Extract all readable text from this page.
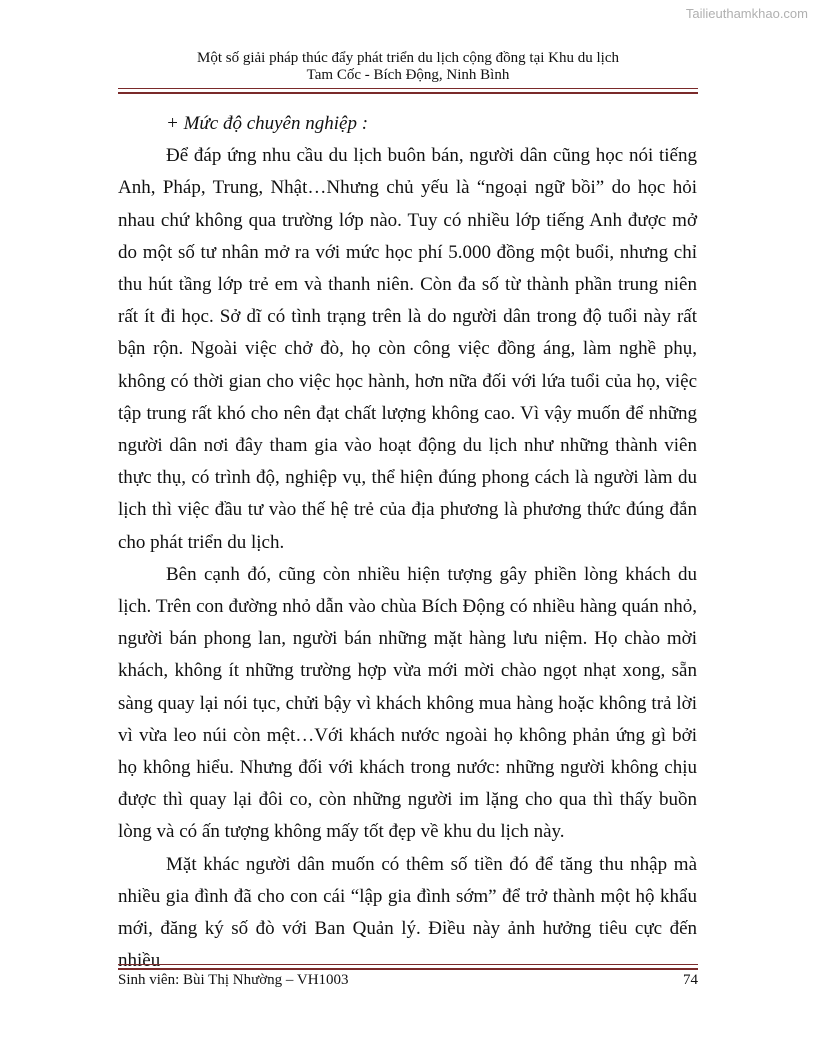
Tailieuthamkhao.com
Một số giải pháp thúc đẩy phát triển du lịch cộng đồng tại Khu du lịch
Tam Cốc - Bích Động, Ninh Bình

+ Mức độ chuyên nghiệp :

Để đáp ứng nhu cầu du lịch buôn bán, người dân cũng học nói tiếng Anh, Pháp, Trung, Nhật…Nhưng chủ yếu là “ngoại ngữ bồi” do học hỏi nhau chứ không qua trường lớp nào. Tuy có nhiều lớp tiếng Anh được mở do một số tư nhân mở ra với mức học phí 5.000 đồng một buổi, nhưng chỉ thu hút tầng lớp trẻ em và thanh niên. Còn đa số từ thành phần trung niên rất ít đi học. Sở dĩ có tình trạng trên là do người dân trong độ tuổi này rất bận rộn. Ngoài việc chở đò, họ còn công việc đồng áng, làm nghề phụ, không có thời gian cho việc học hành, hơn nữa đối với lứa tuổi của họ, việc tập trung rất khó cho nên đạt chất lượng không cao. Vì vậy muốn để những người dân nơi đây tham gia vào hoạt động du lịch như những thành viên thực thụ, có trình độ, nghiệp vụ, thể hiện đúng phong cách là người làm du lịch thì việc đầu tư vào thế hệ trẻ của địa phương là phương thức đúng đắn cho phát triển du lịch.

Bên cạnh đó, cũng còn nhiều hiện tượng gây phiền lòng khách du lịch. Trên con đường nhỏ dẫn vào chùa Bích Động có nhiều hàng quán nhỏ, người bán phong lan, người bán những mặt hàng lưu niệm. Họ chào mời khách, không ít những trường hợp vừa mới mời chào ngọt nhạt xong, sẵn sàng quay lại nói tục, chửi bậy vì khách không mua hàng hoặc không trả lời vì vừa leo núi còn mệt…Với khách nước ngoài họ không phản ứng gì bởi họ không hiểu. Nhưng đối với khách trong nước: những người không chịu được thì quay lại đôi co, còn những người im lặng cho qua thì thấy buồn lòng và có ấn tượng không mấy tốt đẹp về khu du lịch này.

Mặt khác người dân muốn có thêm số tiền đó để tăng thu nhập mà nhiều gia đình đã cho con cái “lập gia đình sớm” để trở thành một hộ khẩu mới, đăng ký số đò với Ban Quản lý. Điều này ảnh hưởng tiêu cực đến nhiều

Sinh viên: Bùi Thị Nhường – VH1003	74
